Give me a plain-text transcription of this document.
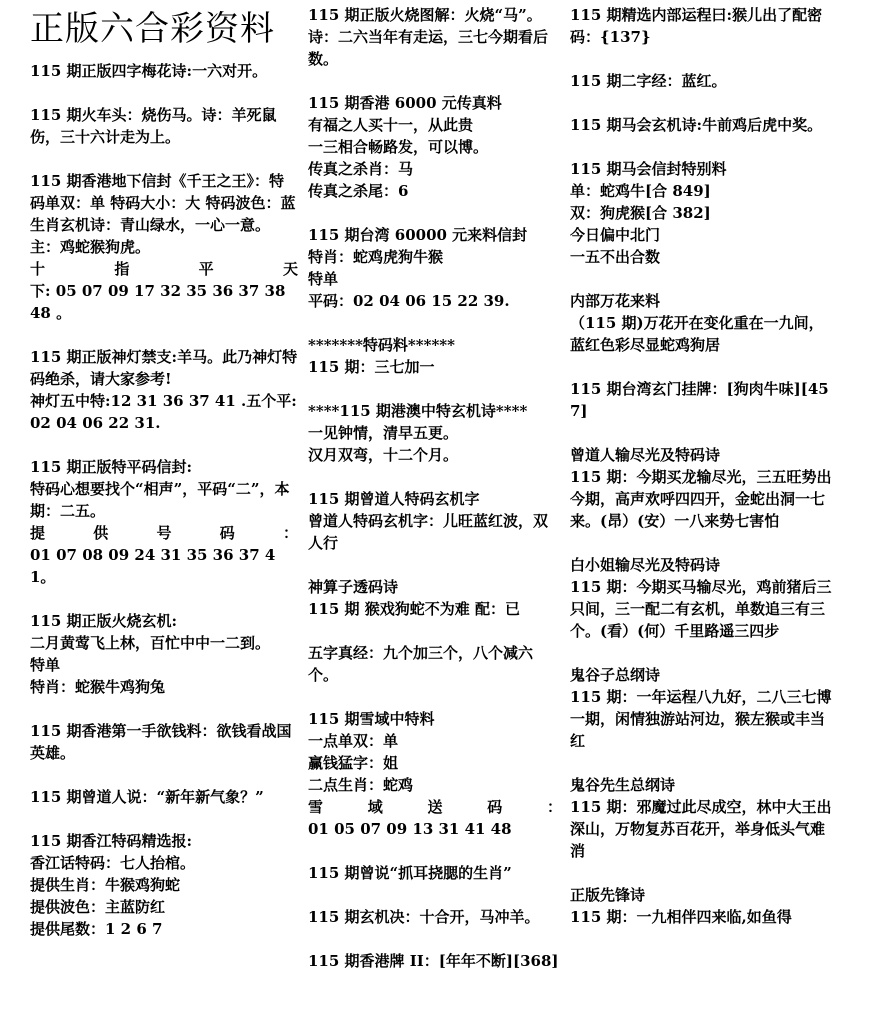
正版六合彩资料
115 期正版四字梅花诗:一六对开。
115 期火车头：烧伤马。诗：羊死鼠伤，三十六计走为上。
115 期香港地下信封《千王之王》：特码单双：单 特码大小：大 特码波色：蓝
生肖玄机诗：青山绿水，一心一意。主：鸡蛇猴狗虎。
十　　指　　平　　天
下: 05 07 09 17 32 35 36 37 38 48 。
115 期正版神灯禁支:羊马。此乃神灯特码绝杀，请大家参考!
神灯五中特:12 31 36 37 41 .五个平:02 04 06 22 31.
115 期正版特平码信封:
特码心想要找个“相声”，平码“二”，本期：二五。
提　供　号　码　：
01 07 08 09 24 31 35 36 37 41。
115 期正版火烧玄机:
二月黄莺飞上林，百忙中中一二到。
特单
特肖：蛇猴牛鸡狗兔
115 期香港第一手欲钱料：欲钱看战国英雄。
115 期曾道人说：“新年新气象？”
115 期香江特码精选报:
香江话特码：七人抬棺。
提供生肖：牛猴鸡狗蛇
提供波色：主蓝防红
提供尾数：1 2 6 7
115 期正版火烧图解：火烧“马”。诗：二六当年有走运，三七今期看后数。
115 期香港 6000 元传真料
有福之人买十一，从此贵
一三相合畅路发，可以博。
传真之杀肖：马
传真之杀尾：6
115 期台湾 60000 元来料信封
特肖：蛇鸡虎狗牛猴
特单
平码：02 04 06 15 22 39.
*******特码料******
115 期：三七加一
****115 期港澳中特玄机诗****
一见钟情，清早五更。
汉月双弯，十二个月。
115 期曾道人特码玄机字
曾道人特码玄机字：儿旺蓝红波，双人行
神算子透码诗
115 期 猴戏狗蛇不为难 配：已
五字真经：九个加三个，八个减六个。
115 期雪域中特料
一点单双：单
赢钱猛字：姐
二点生肖：蛇鸡
雪　域　送　码　：
01 05 07 09 13 31 41 48
115 期曾说“抓耳挠腮的生肖”
115 期玄机决：十合开，马冲羊。
115 期香港牌 II：[年年不断][368]
115 期精选内部运程曰:猴儿出了配密码：{137}
115 期二字经：蓝红。
115 期马会玄机诗:牛前鸡后虎中奖。
115 期马会信封特别料
单：蛇鸡牛[合 849]
双：狗虎猴[合 382]
今日偏中北门
一五不出合数
内部万花来料
（115 期)万花开在变化重在一九间，蓝红色彩尽显蛇鸡狗居
115 期台湾玄门挂牌：[狗肉牛味][457]
曾道人输尽光及特码诗
115 期：今期买龙输尽光，三五旺势出今期，高声欢呼四四开，金蛇出洞一七来。(昂）(安）一八来势七害怕
白小姐输尽光及特码诗
115 期：今期买马输尽光，鸡前猪后三只间，三一配二有玄机，单数追三有三个。(看）(何）千里路遥三四步
鬼谷子总纲诗
115 期：一年运程八九好，二八三七博一期，闲情独游站河边，猴左猴或丰当红
鬼谷先生总纲诗
115 期：邪魔过此尽成空，林中大王出深山，万物复苏百花开，举身低头气难消
正版先锋诗
115 期：一九相伴四来临,如鱼得
